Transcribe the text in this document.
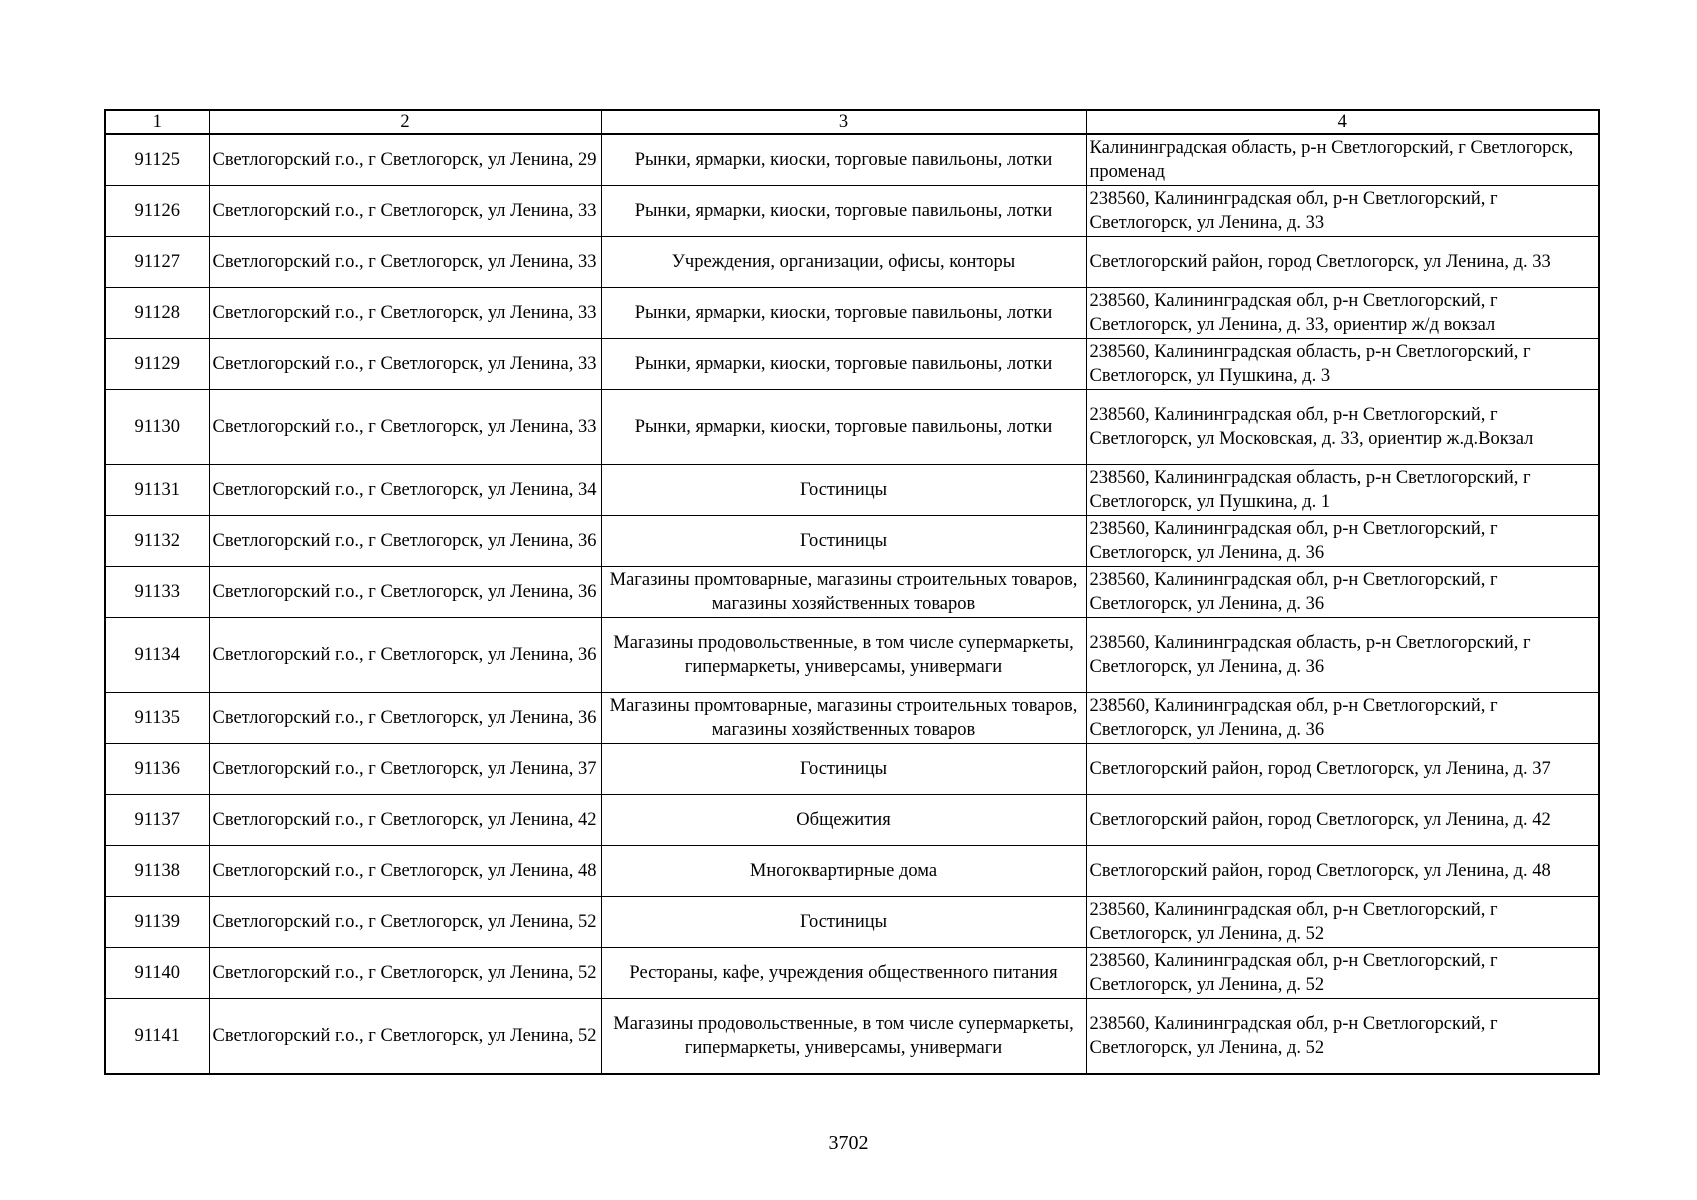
1	2	3	4
91125	Светлогорский г.о., г Светлогорск, ул Ленина, 29	Рынки, ярмарки, киоски, торговые павильоны, лотки	Калининградская область, р-н Светлогорский, г Светлогорск, променад
91126	Светлогорский г.о., г Светлогорск, ул Ленина, 33	Рынки, ярмарки, киоски, торговые павильоны, лотки	238560, Калининградская обл, р-н Светлогорский, г Светлогорск, ул Ленина, д. 33
91127	Светлогорский г.о., г Светлогорск, ул Ленина, 33	Учреждения, организации, офисы, конторы	Светлогорский район, город Светлогорск, ул Ленина, д. 33
91128	Светлогорский г.о., г Светлогорск, ул Ленина, 33	Рынки, ярмарки, киоски, торговые павильоны, лотки	238560, Калининградская обл, р-н Светлогорский, г Светлогорск, ул Ленина, д. 33, ориентир ж/д вокзал
91129	Светлогорский г.о., г Светлогорск, ул Ленина, 33	Рынки, ярмарки, киоски, торговые павильоны, лотки	238560, Калининградская область, р-н Светлогорский, г Светлогорск, ул Пушкина, д. 3
91130	Светлогорский г.о., г Светлогорск, ул Ленина, 33	Рынки, ярмарки, киоски, торговые павильоны, лотки	238560, Калининградская обл, р-н Светлогорский, г Светлогорск, ул Московская, д. 33, ориентир ж.д.Вокзал
91131	Светлогорский г.о., г Светлогорск, ул Ленина, 34	Гостиницы	238560, Калининградская область, р-н Светлогорский, г Светлогорск, ул Пушкина, д. 1
91132	Светлогорский г.о., г Светлогорск, ул Ленина, 36	Гостиницы	238560, Калининградская обл, р-н Светлогорский, г Светлогорск, ул Ленина, д. 36
91133	Светлогорский г.о., г Светлогорск, ул Ленина, 36	Магазины промтоварные, магазины строительных товаров, магазины хозяйственных товаров	238560, Калининградская обл, р-н Светлогорский, г Светлогорск, ул Ленина, д. 36
91134	Светлогорский г.о., г Светлогорск, ул Ленина, 36	Магазины продовольственные, в том числе супермаркеты, гипермаркеты, универсамы, универмаги	238560, Калининградская область, р-н Светлогорский, г Светлогорск, ул Ленина, д. 36
91135	Светлогорский г.о., г Светлогорск, ул Ленина, 36	Магазины промтоварные, магазины строительных товаров, магазины хозяйственных товаров	238560, Калининградская обл, р-н Светлогорский, г Светлогорск, ул Ленина, д. 36
91136	Светлогорский г.о., г Светлогорск, ул Ленина, 37	Гостиницы	Светлогорский район, город Светлогорск, ул Ленина, д. 37
91137	Светлогорский г.о., г Светлогорск, ул Ленина, 42	Общежития	Светлогорский район, город Светлогорск, ул Ленина, д. 42
91138	Светлогорский г.о., г Светлогорск, ул Ленина, 48	Многоквартирные дома	Светлогорский район, город Светлогорск, ул Ленина, д. 48
91139	Светлогорский г.о., г Светлогорск, ул Ленина, 52	Гостиницы	238560, Калининградская обл, р-н Светлогорский, г Светлогорск, ул Ленина, д. 52
91140	Светлогорский г.о., г Светлогорск, ул Ленина, 52	Рестораны, кафе, учреждения общественного питания	238560, Калининградская обл, р-н Светлогорский, г Светлогорск, ул Ленина, д. 52
91141	Светлогорский г.о., г Светлогорск, ул Ленина, 52	Магазины продовольственные, в том числе супермаркеты, гипермаркеты, универсамы, универмаги	238560, Калининградская обл, р-н Светлогорский, г Светлогорск, ул Ленина, д. 52
3702
